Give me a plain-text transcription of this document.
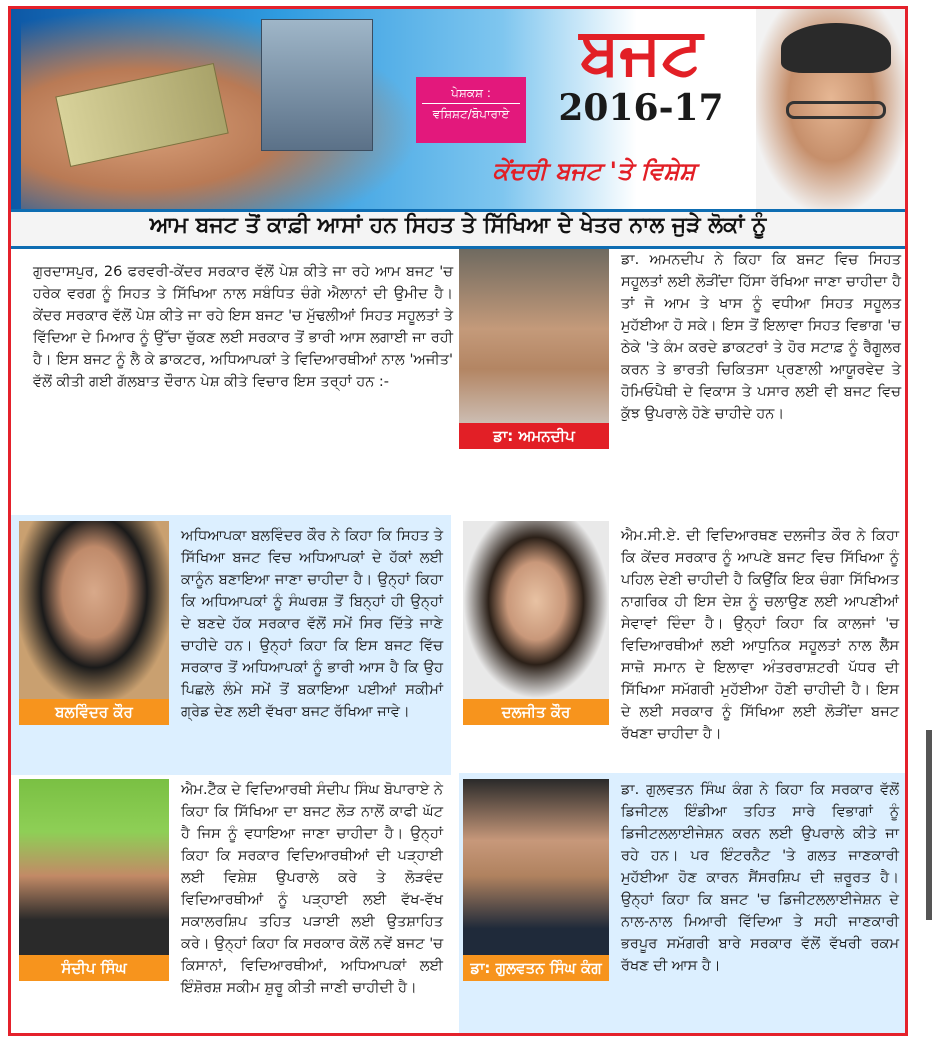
ਪੇਸ਼ਕਸ਼ :
ਵਸ਼ਿਸ਼ਟ/ਬੋਪਾਰਾਏ
ਬਜਟ
2016-17
ਕੇਂਦਰੀ ਬਜਟ 'ਤੇ ਵਿਸ਼ੇਸ਼
ਆਮ ਬਜਟ ਤੋਂ ਕਾਫ਼ੀ ਆਸਾਂ ਹਨ ਸਿਹਤ ਤੇ ਸਿੱਖਿਆ ਦੇ ਖੇਤਰ ਨਾਲ ਜੁੜੇ ਲੋਕਾਂ ਨੂੰ
ਗੁਰਦਾਸਪੁਰ, 26 ਫਰਵਰੀ-ਕੇਂਦਰ ਸਰਕਾਰ ਵੱਲੋਂ ਪੇਸ਼ ਕੀਤੇ ਜਾ ਰਹੇ ਆਮ ਬਜਟ 'ਚ ਹਰੇਕ ਵਰਗ ਨੂੰ ਸਿਹਤ ਤੇ ਸਿੱਖਿਆ ਨਾਲ ਸਬੰਧਿਤ ਚੰਗੇ ਐਲਾਨਾਂ ਦੀ ਉਮੀਦ ਹੈ। ਕੇਂਦਰ ਸਰਕਾਰ ਵੱਲੋਂ ਪੇਸ਼ ਕੀਤੇ ਜਾ ਰਹੇ ਇਸ ਬਜਟ 'ਚ ਮੁੱਢਲੀਆਂ ਸਿਹਤ ਸਹੂਲਤਾਂ ਤੇ ਵਿੱਦਿਆ ਦੇ ਮਿਆਰ ਨੂੰ ਉੱਚਾ ਚੁੱਕਣ ਲਈ ਸਰਕਾਰ ਤੋਂ ਭਾਰੀ ਆਸ ਲਗਾਈ ਜਾ ਰਹੀ ਹੈ। ਇਸ ਬਜਟ ਨੂੰ ਲੈ ਕੇ ਡਾਕਟਰ, ਅਧਿਆਪਕਾਂ ਤੇ ਵਿਦਿਆਰਥੀਆਂ ਨਾਲ 'ਅਜੀਤ' ਵੱਲੋਂ ਕੀਤੀ ਗਈ ਗੱਲਬਾਤ ਦੌਰਾਨ ਪੇਸ਼ ਕੀਤੇ ਵਿਚਾਰ ਇਸ ਤਰ੍ਹਾਂ ਹਨ :-
ਡਾ: ਅਮਨਦੀਪ
ਡਾ. ਅਮਨਦੀਪ ਨੇ ਕਿਹਾ ਕਿ ਬਜਟ ਵਿਚ ਸਿਹਤ ਸਹੂਲਤਾਂ ਲਈ ਲੋੜੀਂਦਾ ਹਿੱਸਾ ਰੱਖਿਆ ਜਾਣਾ ਚਾਹੀਦਾ ਹੈ ਤਾਂ ਜੋ ਆਮ ਤੇ ਖਾਸ ਨੂੰ ਵਧੀਆ ਸਿਹਤ ਸਹੂਲਤ ਮੁਹੱਈਆ ਹੋ ਸਕੇ। ਇਸ ਤੋਂ ਇਲਾਵਾ ਸਿਹਤ ਵਿਭਾਗ 'ਚ ਠੇਕੇ 'ਤੇ ਕੰਮ ਕਰਦੇ ਡਾਕਟਰਾਂ ਤੇ ਹੋਰ ਸਟਾਫ਼ ਨੂੰ ਰੈਗੂਲਰ ਕਰਨ ਤੇ ਭਾਰਤੀ ਚਿਕਿਤਸਾ ਪ੍ਰਣਾਲੀ ਆਯੂਰਵੇਦ ਤੇ ਹੋਮਿਓਪੈਥੀ ਦੇ ਵਿਕਾਸ ਤੇ ਪਸਾਰ ਲਈ ਵੀ ਬਜਟ ਵਿਚ ਕੁੱਝ ਉਪਰਾਲੇ ਹੋਣੇ ਚਾਹੀਦੇ ਹਨ।
ਬਲਵਿੰਦਰ ਕੌਰ
ਅਧਿਆਪਕਾ ਬਲਵਿੰਦਰ ਕੌਰ ਨੇ ਕਿਹਾ ਕਿ ਸਿਹਤ ਤੇ ਸਿੱਖਿਆ ਬਜਟ ਵਿਚ ਅਧਿਆਪਕਾਂ ਦੇ ਹੱਕਾਂ ਲਈ ਕਾਨੂੰਨ ਬਣਾਇਆ ਜਾਣਾ ਚਾਹੀਦਾ ਹੈ। ਉਨ੍ਹਾਂ ਕਿਹਾ ਕਿ ਅਧਿਆਪਕਾਂ ਨੂੰ ਸੰਘਰਸ਼ ਤੋਂ ਬਿਨ੍ਹਾਂ ਹੀ ਉਨ੍ਹਾਂ ਦੇ ਬਣਦੇ ਹੱਕ ਸਰਕਾਰ ਵੱਲੋਂ ਸਮੇਂ ਸਿਰ ਦਿੱਤੇ ਜਾਣੇ ਚਾਹੀਦੇ ਹਨ। ਉਨ੍ਹਾਂ ਕਿਹਾ ਕਿ ਇਸ ਬਜਟ ਵਿੱਚ ਸਰਕਾਰ ਤੋਂ ਅਧਿਆਪਕਾਂ ਨੂੰ ਭਾਰੀ ਆਸ ਹੈ ਕਿ ਉਹ ਪਿਛਲੇ ਲੰਮੇ ਸਮੇਂ ਤੋਂ ਬਕਾਇਆ ਪਈਆਂ ਸਕੀਮਾਂ ਗ੍ਰੇਡ ਦੇਣ ਲਈ ਵੱਖਰਾ ਬਜਟ ਰੱਖਿਆ ਜਾਵੇ।	ਦਲਜੀਤ ਕੌਰ
ਐਮ.ਸੀ.ਏ. ਦੀ ਵਿਦਿਆਰਥਣ ਦਲਜੀਤ ਕੌਰ ਨੇ ਕਿਹਾ ਕਿ ਕੇਂਦਰ ਸਰਕਾਰ ਨੂੰ ਆਪਣੇ ਬਜਟ ਵਿਚ ਸਿੱਖਿਆ ਨੂੰ ਪਹਿਲ ਦੇਣੀ ਚਾਹੀਦੀ ਹੈ ਕਿਉਂਕਿ ਇਕ ਚੰਗਾ ਸਿੱਖਿਅਤ ਨਾਗਰਿਕ ਹੀ ਇਸ ਦੇਸ਼ ਨੂੰ ਚਲਾਉਣ ਲਈ ਆਪਣੀਆਂ ਸੇਵਾਵਾਂ ਦਿੰਦਾ ਹੈ। ਉਨ੍ਹਾਂ ਕਿਹਾ ਕਿ ਕਾਲਜਾਂ 'ਚ ਵਿਦਿਆਰਥੀਆਂ ਲਈ ਆਧੁਨਿਕ ਸਹੂਲਤਾਂ ਨਾਲ ਲੈੱਸ ਸਾਜ਼ੋ ਸਮਾਨ ਦੇ ਇਲਾਵਾ ਅੰਤਰਰਾਸ਼ਟਰੀ ਪੱਧਰ ਦੀ ਸਿੱਖਿਆ ਸਮੱਗਰੀ ਮੁਹੱਈਆ ਹੋਣੀ ਚਾਹੀਦੀ ਹੈ। ਇਸ ਦੇ ਲਈ ਸਰਕਾਰ ਨੂੰ ਸਿੱਖਿਆ ਲਈ ਲੋੜੀਂਦਾ ਬਜਟ ਰੱਖਣਾ ਚਾਹੀਦਾ ਹੈ।
ਸੰਦੀਪ ਸਿੰਘ
ਐਮ.ਟੈੱਕ ਦੇ ਵਿਦਿਆਰਥੀ ਸੰਦੀਪ ਸਿੰਘ ਬੋਪਾਰਾਏ ਨੇ ਕਿਹਾ ਕਿ ਸਿੱਖਿਆ ਦਾ ਬਜਟ ਲੋੜ ਨਾਲੋਂ ਕਾਫੀ ਘੱਟ ਹੈ ਜਿਸ ਨੂੰ ਵਧਾਇਆ ਜਾਣਾ ਚਾਹੀਦਾ ਹੈ। ਉਨ੍ਹਾਂ ਕਿਹਾ ਕਿ ਸਰਕਾਰ ਵਿਦਿਆਰਥੀਆਂ ਦੀ ਪੜ੍ਹਾਈ ਲਈ ਵਿਸ਼ੇਸ਼ ਉਪਰਾਲੇ ਕਰੇ ਤੇ ਲੋੜਵੰਦ ਵਿਦਿਆਰਥੀਆਂ ਨੂੰ ਪੜ੍ਹਾਈ ਲਈ ਵੱਖ-ਵੱਖ ਸਕਾਲਰਸ਼ਿਪ ਤਹਿਤ ਪੜਾਈ ਲਈ ਉਤਸ਼ਾਹਿਤ ਕਰੇ। ਉਨ੍ਹਾਂ ਕਿਹਾ ਕਿ ਸਰਕਾਰ ਕੋਲੋਂ ਨਵੇਂ ਬਜਟ 'ਚ ਕਿਸਾਨਾਂ, ਵਿਦਿਆਰਥੀਆਂ, ਅਧਿਆਪਕਾਂ ਲਈ ਇੰਸ਼ੋਰਸ਼ ਸਕੀਮ ਸ਼ੁਰੂ ਕੀਤੀ ਜਾਣੀ ਚਾਹੀਦੀ ਹੈ।
ਡਾ: ਗੁਲਵਤਨ ਸਿੰਘ ਕੰਗ
ਡਾ. ਗੁਲਵਤਨ ਸਿੰਘ ਕੰਗ ਨੇ ਕਿਹਾ ਕਿ ਸਰਕਾਰ ਵੱਲੋਂ ਡਿਜੀਟਲ ਇੰਡੀਆ ਤਹਿਤ ਸਾਰੇ ਵਿਭਾਗਾਂ ਨੂੰ ਡਿਜੀਟਲਲਾਈਜੇਸ਼ਨ ਕਰਨ ਲਈ ਉਪਰਾਲੇ ਕੀਤੇ ਜਾ ਰਹੇ ਹਨ। ਪਰ ਇੰਟਰਨੈਟ 'ਤੇ ਗਲਤ ਜਾਣਕਾਰੀ ਮੁਹੱਈਆ ਹੋਣ ਕਾਰਨ ਸੈਂਸਰਸ਼ਿਪ ਦੀ ਜ਼ਰੂਰਤ ਹੈ। ਉਨ੍ਹਾਂ ਕਿਹਾ ਕਿ ਬਜਟ 'ਚ ਡਿਜੀਟਲਲਾਈਜੇਸ਼ਨ ਦੇ ਨਾਲ-ਨਾਲ ਮਿਆਰੀ ਵਿੱਦਿਆ ਤੇ ਸਹੀ ਜਾਣਕਾਰੀ ਭਰਪੂਰ ਸਮੱਗਰੀ ਬਾਰੇ ਸਰਕਾਰ ਵੱਲੋਂ ਵੱਖਰੀ ਰਕਮ ਰੱਖਣ ਦੀ ਆਸ ਹੈ।
